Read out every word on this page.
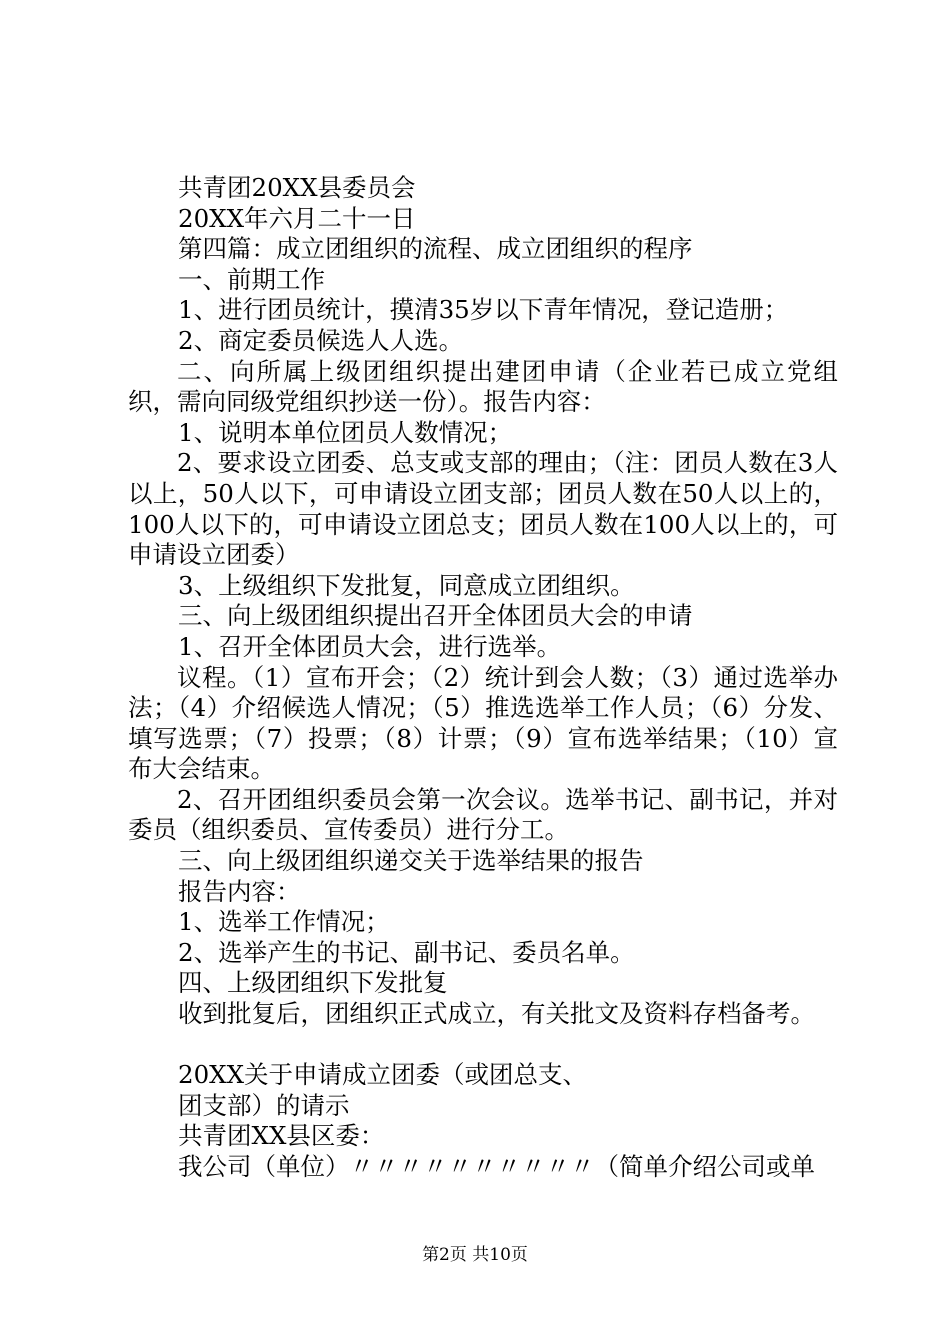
共青团20XX县委员会

20XX年六月二十一日

第四篇：成立团组织的流程、成立团组织的程序

一、前期工作

1、进行团员统计，摸清35岁以下青年情况，登记造册；

2、商定委员候选人人选。

二、向所属上级团组织提出建团申请（企业若已成立党组织，需向同级党组织抄送一份）。报告内容：

1、说明本单位团员人数情况；

2、要求设立团委、总支或支部的理由；（注：团员人数在3人以上，50人以下，可申请设立团支部；团员人数在50人以上的，100人以下的，可申请设立团总支；团员人数在100人以上的，可申请设立团委）

3、上级组织下发批复，同意成立团组织。

三、向上级团组织提出召开全体团员大会的申请

1、召开全体团员大会，进行选举。

议程。（1）宣布开会；（2）统计到会人数；（3）通过选举办法；（4）介绍候选人情况；（5）推选选举工作人员；（6）分发、填写选票；（7）投票；（8）计票；（9）宣布选举结果；（10）宣布大会结束。

2、召开团组织委员会第一次会议。选举书记、副书记，并对委员（组织委员、宣传委员）进行分工。

三、向上级团组织递交关于选举结果的报告

报告内容：

1、选举工作情况；

2、选举产生的书记、副书记、委员名单。

四、上级团组织下发批复

收到批复后，团组织正式成立，有关批文及资料存档备考。

20XX关于申请成立团委（或团总支、

团支部）的请示

共青团XX县区委：

我公司（单位）〃〃〃〃〃〃〃〃〃〃（简单介绍公司或单

第2页 共10页
